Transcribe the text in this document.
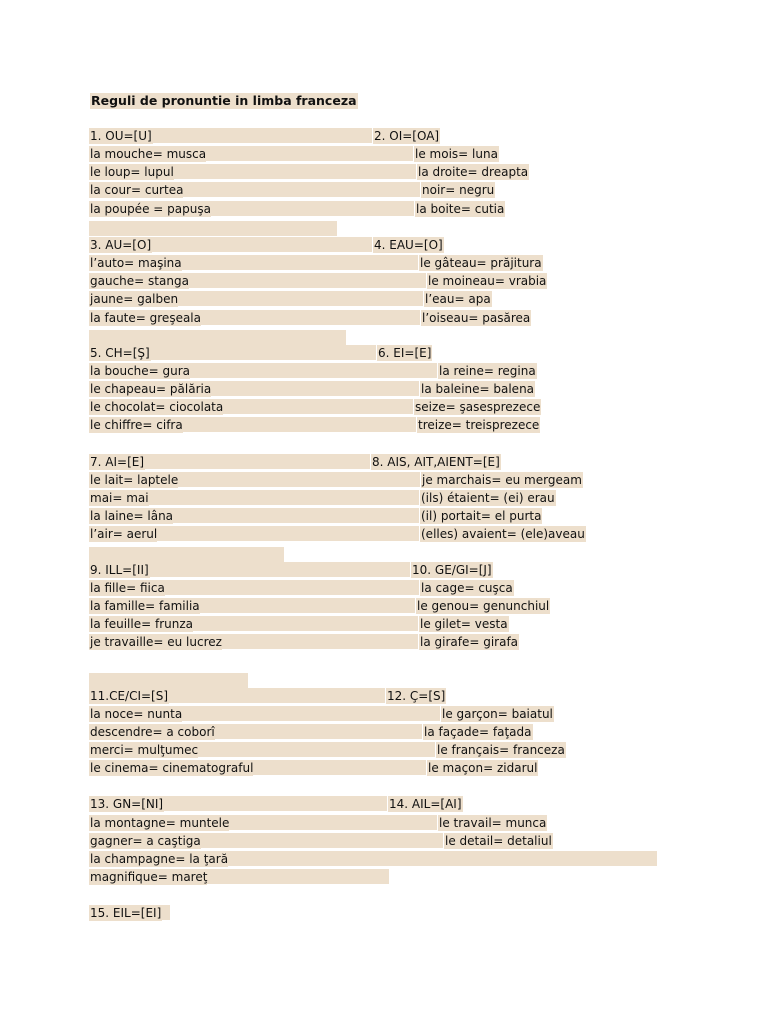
Reguli de pronuntie in limba franceza
1. OU=[U]	2. OI=[OA]
la mouche= musca	le mois= luna
le loup= lupul	la droite= dreapta
la cour= curtea	noir= negru
la poupée = papuşa	la boite= cutia
3. AU=[O]	4. EAU=[O]
l’auto= maşina	le gâteau= prăjitura
gauche= stanga	le moineau= vrabia
jaune= galben	l’eau= apa
la faute= greşeala	l’oiseau= pasărea
5. CH=[Ş]	6. EI=[E]
la bouche= gura	la reine= regina
le chapeau= pălăria	la baleine= balena
le chocolat= ciocolata	seize= şasesprezece
le chiffre= cifra	treize= treisprezece
7. AI=[E]	8. AIS, AIT,AIENT=[E]
le lait= laptele	je marchais= eu mergeam
mai= mai	(ils) étaient= (ei) erau
la laine= lâna	(il) portait= el purta
l’air= aerul	(elles) avaient= (ele)aveau
9. ILL=[II]	10. GE/GI=[J]
la fille= fiica	la cage= cuşca
la famille= familia	le genou= genunchiul
la feuille= frunza	le gilet= vesta
je travaille= eu lucrez	la girafe= girafa
11.CE/CI=[S]	12. Ç=[S]
la noce= nunta	le garçon= baiatul
descendre= a coborî	la façade= faţada
merci= mulţumec	le français= franceza
le cinema= cinematograful	le maçon= zidarul
13. GN=[NI]	14. AIL=[AI]
la montagne= muntele	le travail= munca
gagner= a caştiga	le detail= detaliul
la champagne= la ţară
magnifique= mareţ
15. EIL=[EI]
